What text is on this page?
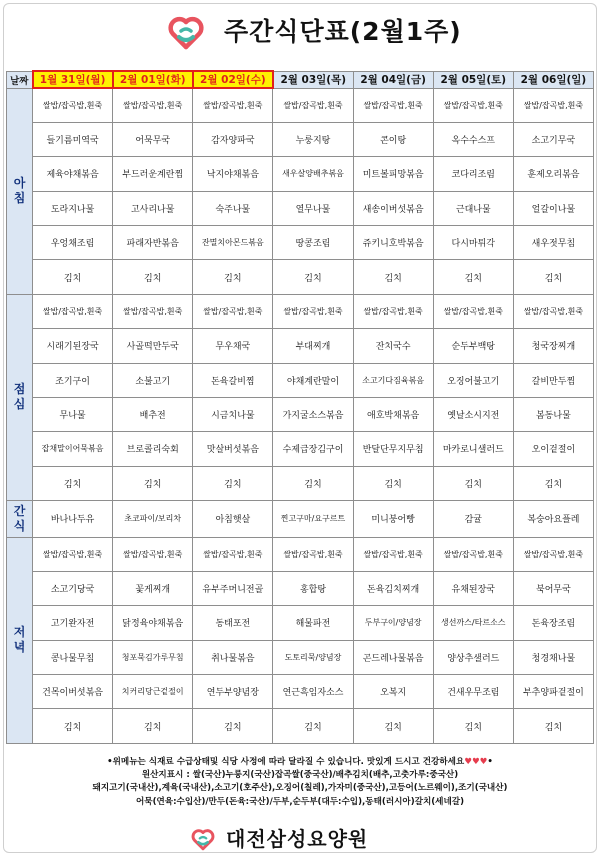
주간식단표(2월1주)
날짜	1월 31일(월)	2월 01일(화)	2월 02일(수)	2월 03일(목)	2월 04일(금)	2월 05일(토)	2월 06일(일)

아
침	쌀밥/잡곡밥,흰죽	쌀밥/잡곡밥,흰죽	쌀밥/잡곡밥,흰죽	쌀밥/잡곡밥,흰죽	쌀밥/잡곡밥,흰죽	쌀밥/잡곡밥,흰죽	쌀밥/잡곡밥,흰죽
	들기름미역국	어묵무국	감자양파국	누룽지탕	콘이탕	옥수수스프	소고기무국
	제육야채볶음	부드러운계란찜	낙지야채볶음	새우살양배추볶음	미트볼피망볶음	코다리조림	훈제오리볶음
	도라지나물	고사리나물	숙주나물	열무나물	새송이버섯볶음	근대나물	얼갈이나물
	우엉채조림	파래자반볶음	잔멸치아몬드볶음	땅콩조림	쥬키니호박볶음	다시마튀각	새우젓무침
	김치	김치	김치	김치	김치	김치	김치

점
심	쌀밥/잡곡밥,흰죽	쌀밥/잡곡밥,흰죽	쌀밥/잡곡밥,흰죽	쌀밥/잡곡밥,흰죽	쌀밥/잡곡밥,흰죽	쌀밥/잡곡밥,흰죽	쌀밥/잡곡밥,흰죽
	시래기된장국	사골떡만두국	무우채국	부대찌개	잔치국수	순두부백탕	청국장찌개
	조기구이	소불고기	돈육갈비찜	야채계란말이	소고기다짐육볶음	오징어불고기	갈비만두찜
	무나물	배추전	시금치나물	가지굴소스볶음	애호박채볶음	옛날소시지전	봄동나물
	잡채말이어묵볶음	브로콜리숙회	맛살버섯볶음	수제급장김구이	반달단무지무침	마카로니샐러드	오이겉절이
	김치	김치	김치	김치	김치	김치	김치

간
식	바나나두유	초코파이/보리차	아침햇살	찐고구마/요구르트	미니붕어빵	감귤	복숭아요플레

저
녁	쌀밥/잡곡밥,흰죽	쌀밥/잡곡밥,흰죽	쌀밥/잡곡밥,흰죽	쌀밥/잡곡밥,흰죽	쌀밥/잡곡밥,흰죽	쌀밥/잡곡밥,흰죽	쌀밥/잡곡밥,흰죽
	소고기당국	꽃게찌개	유부주머니전골	홍합탕	돈육김치찌개	유채된장국	북어무국
	고기완자전	닭정육야채볶음	동태포전	해물파전	두부구이/양념장	생선까스/타르소스	돈육장조림
	콩나물무침	청포묵김가루무침	취나물볶음	도토리묵/양념장	곤드레나물볶음	양상추샐러드	청경채나물
	건목이버섯볶음	치커리당근겉절이	연두부양념장	연근흑임자소스	오복지	건새우무조림	부추양파겉절이
	김치	김치	김치	김치	김치	김치	김치
•위메뉴는 식재료 수급상태및 식당 사정에 따라 달라질 수 있습니다. 맛있게 드시고 건강하세요♥♥♥•
원산지표시 : 쌀(국산)누룽지(국산)잡곡쌀(중국산)/배추김치(배추,고춧가루:중국산)
돼지고기(국내산),계육(국내산),소고기(호주산),오징어(칠레),가자미(중국산),고등어(노르웨이),조기(국내산)
어묵(연육:수입산)/만두(돈육:국산)/두부,순두부(대두:수입),동태(러시아)갈치(세네갈)
대전삼성요양원
